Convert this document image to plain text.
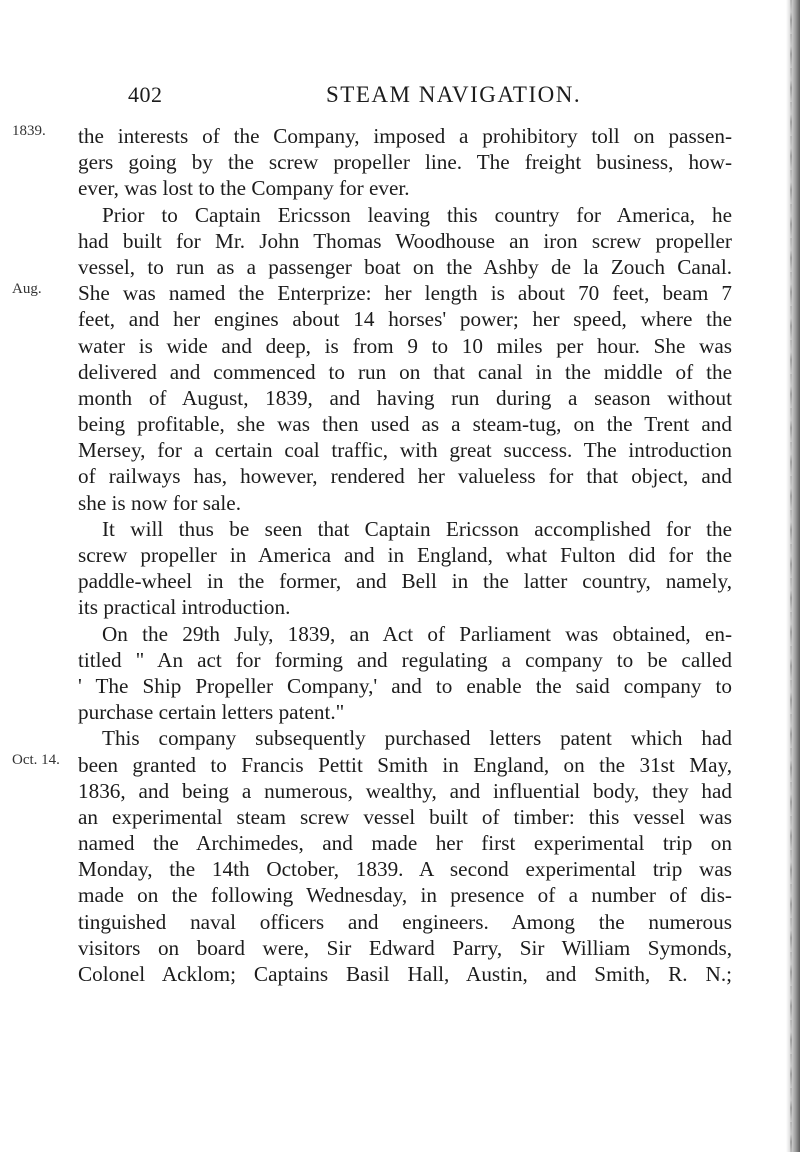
402	STEAM NAVIGATION.
1839.
Aug.
Oct. 14.
the interests of the Company, imposed a prohibitory toll on passen-
gers going by the screw propeller line. The freight business, how-
ever, was lost to the Company for ever.
Prior to Captain Ericsson leaving this country for America, he
had built for Mr. John Thomas Woodhouse an iron screw propeller
vessel, to run as a passenger boat on the Ashby de la Zouch Canal.
She was named the Enterprize: her length is about 70 feet, beam 7
feet, and her engines about 14 horses' power; her speed, where the
water is wide and deep, is from 9 to 10 miles per hour. She was
delivered and commenced to run on that canal in the middle of the
month of August, 1839, and having run during a season without
being profitable, she was then used as a steam-tug, on the Trent and
Mersey, for a certain coal traffic, with great success. The introduction
of railways has, however, rendered her valueless for that object, and
she is now for sale.
It will thus be seen that Captain Ericsson accomplished for the
screw propeller in America and in England, what Fulton did for the
paddle-wheel in the former, and Bell in the latter country, namely,
its practical introduction.
On the 29th July, 1839, an Act of Parliament was obtained, en-
titled " An act for forming and regulating a company to be called
' The Ship Propeller Company,' and to enable the said company to
purchase certain letters patent."
This company subsequently purchased letters patent which had
been granted to Francis Pettit Smith in England, on the 31st May,
1836, and being a numerous, wealthy, and influential body, they had
an experimental steam screw vessel built of timber: this vessel was
named the Archimedes, and made her first experimental trip on
Monday, the 14th October, 1839. A second experimental trip was
made on the following Wednesday, in presence of a number of dis-
tinguished naval officers and engineers. Among the numerous
visitors on board were, Sir Edward Parry, Sir William Symonds,
Colonel Acklom; Captains Basil Hall, Austin, and Smith, R. N.;
